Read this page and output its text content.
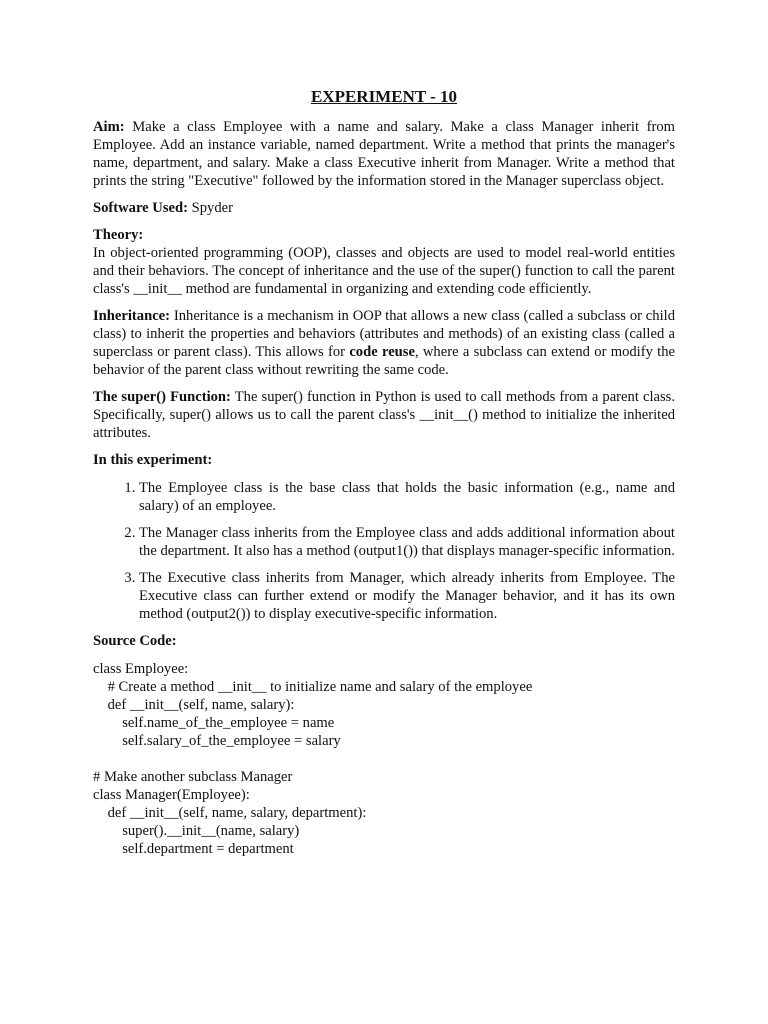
EXPERIMENT - 10

Aim: Make a class Employee with a name and salary. Make a class Manager inherit from Employee. Add an instance variable, named department. Write a method that prints the manager's name, department, and salary. Make a class Executive inherit from Manager. Write a method that prints the string "Executive" followed by the information stored in the Manager superclass object.

Software Used: Spyder

Theory:
In object-oriented programming (OOP), classes and objects are used to model real-world entities and their behaviors. The concept of inheritance and the use of the super() function to call the parent class's __init__ method are fundamental in organizing and extending code efficiently.

Inheritance: Inheritance is a mechanism in OOP that allows a new class (called a subclass or child class) to inherit the properties and behaviors (attributes and methods) of an existing class (called a superclass or parent class). This allows for code reuse, where a subclass can extend or modify the behavior of the parent class without rewriting the same code.

The super() Function: The super() function in Python is used to call methods from a parent class. Specifically, super() allows us to call the parent class's __init__() method to initialize the inherited attributes.

In this experiment:

1. The Employee class is the base class that holds the basic information (e.g., name and salary) of an employee.
2. The Manager class inherits from the Employee class and adds additional information about the department. It also has a method (output1()) that displays manager-specific information.
3. The Executive class inherits from Manager, which already inherits from Employee. The Executive class can further extend or modify the Manager behavior, and it has its own method (output2()) to display executive-specific information.

Source Code:

class Employee:
# Create a method __init__ to initialize name and salary of the employee
def __init__(self, name, salary):
self.name_of_the_employee = name
self.salary_of_the_employee = salary
# Make another subclass Manager
class Manager(Employee):
def __init__(self, name, salary, department):
super().__init__(name, salary)
self.department = department
